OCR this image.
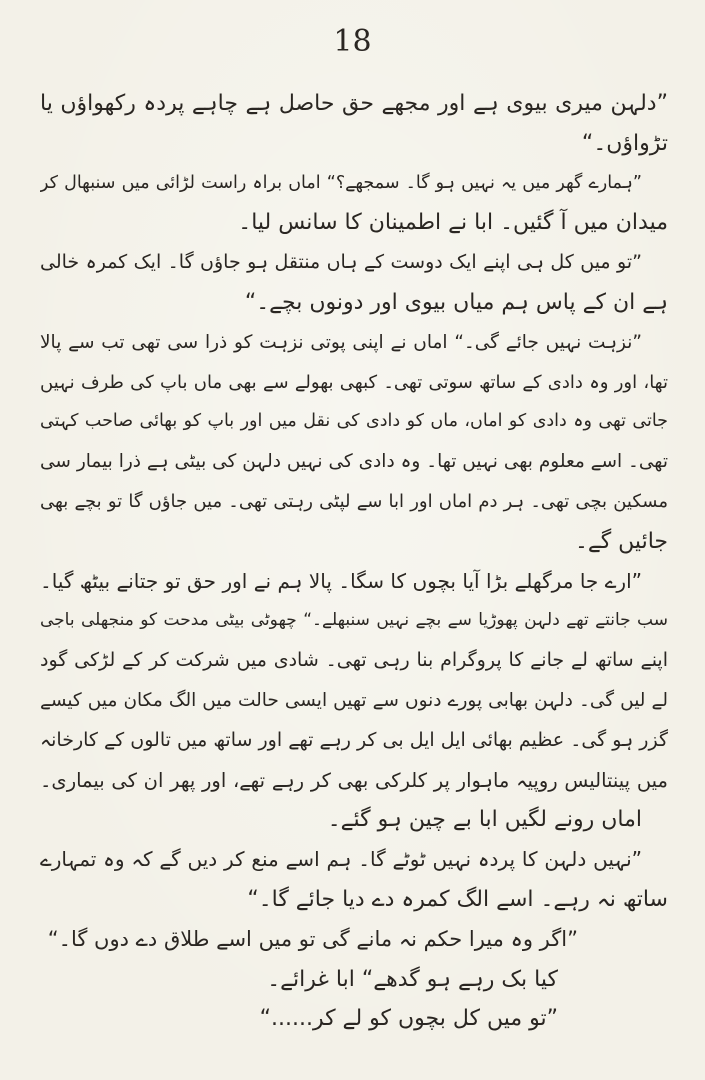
18
”دلہن میری بیوی ہے اور مجھے حق حاصل ہے چاہے پردہ رکھواؤں یا
تڑواؤں۔“
”ہمارے گھر میں یہ نہیں ہو گا۔ سمجھے؟“ اماں براہ راست لڑائی میں سنبھال کر
میدان میں آ گئیں۔ ابا نے اطمینان کا سانس لیا۔
”تو میں کل ہی اپنے ایک دوست کے ہاں منتقل ہو جاؤں گا۔ ایک کمرہ خالی
ہے ان کے پاس ہم میاں بیوی اور دونوں بچے۔“
”نزہت نہیں جائے گی۔“ اماں نے اپنی پوتی نزہت کو ذرا سی تھی تب سے پالا
تھا، اور وہ دادی کے ساتھ سوتی تھی۔ کبھی بھولے سے بھی ماں باپ کی طرف نہیں
جاتی تھی وہ دادی کو اماں، ماں کو دادی کی نقل میں اور باپ کو بھائی صاحب کہتی
تھی۔ اسے معلوم بھی نہیں تھا۔ وہ دادی کی نہیں دلہن کی بیٹی ہے ذرا بیمار سی
مسکین بچی تھی۔ ہر دم اماں اور ابا سے لپٹی رہتی تھی۔ میں جاؤں گا تو بچے بھی
جائیں گے۔
”ارے جا مرگھلے بڑا آیا بچوں کا سگا۔ پالا ہم نے اور حق تو جتانے بیٹھ گیا۔
سب جانتے تھے دلہن پھوڑیا سے بچے نہیں سنبھلے۔“ چھوٹی بیٹی مدحت کو منجھلی باجی
اپنے ساتھ لے جانے کا پروگرام بنا رہی تھی۔ شادی میں شرکت کر کے لڑکی گود
لے لیں گی۔ دلہن بھابی پورے دنوں سے تھیں ایسی حالت میں الگ مکان میں کیسے
گزر ہو گی۔ عظیم بھائی ایل ایل بی کر رہے تھے اور ساتھ میں تالوں کے کارخانہ
میں پینتالیس روپیہ ماہوار پر کلرکی بھی کر رہے تھے، اور پھر ان کی بیماری۔
اماں رونے لگیں ابا بے چین ہو گئے۔
”نہیں دلہن کا پردہ نہیں ٹوٹے گا۔ ہم اسے منع کر دیں گے کہ وہ تمہارے
ساتھ نہ رہے۔ اسے الگ کمرہ دے دیا جائے گا۔“
”اگر وہ میرا حکم نہ مانے گی تو میں اسے طلاق دے دوں گا۔“
کیا بک رہے ہو گدھے“ ابا غرائے۔
”تو میں کل بچوں کو لے کر......“
